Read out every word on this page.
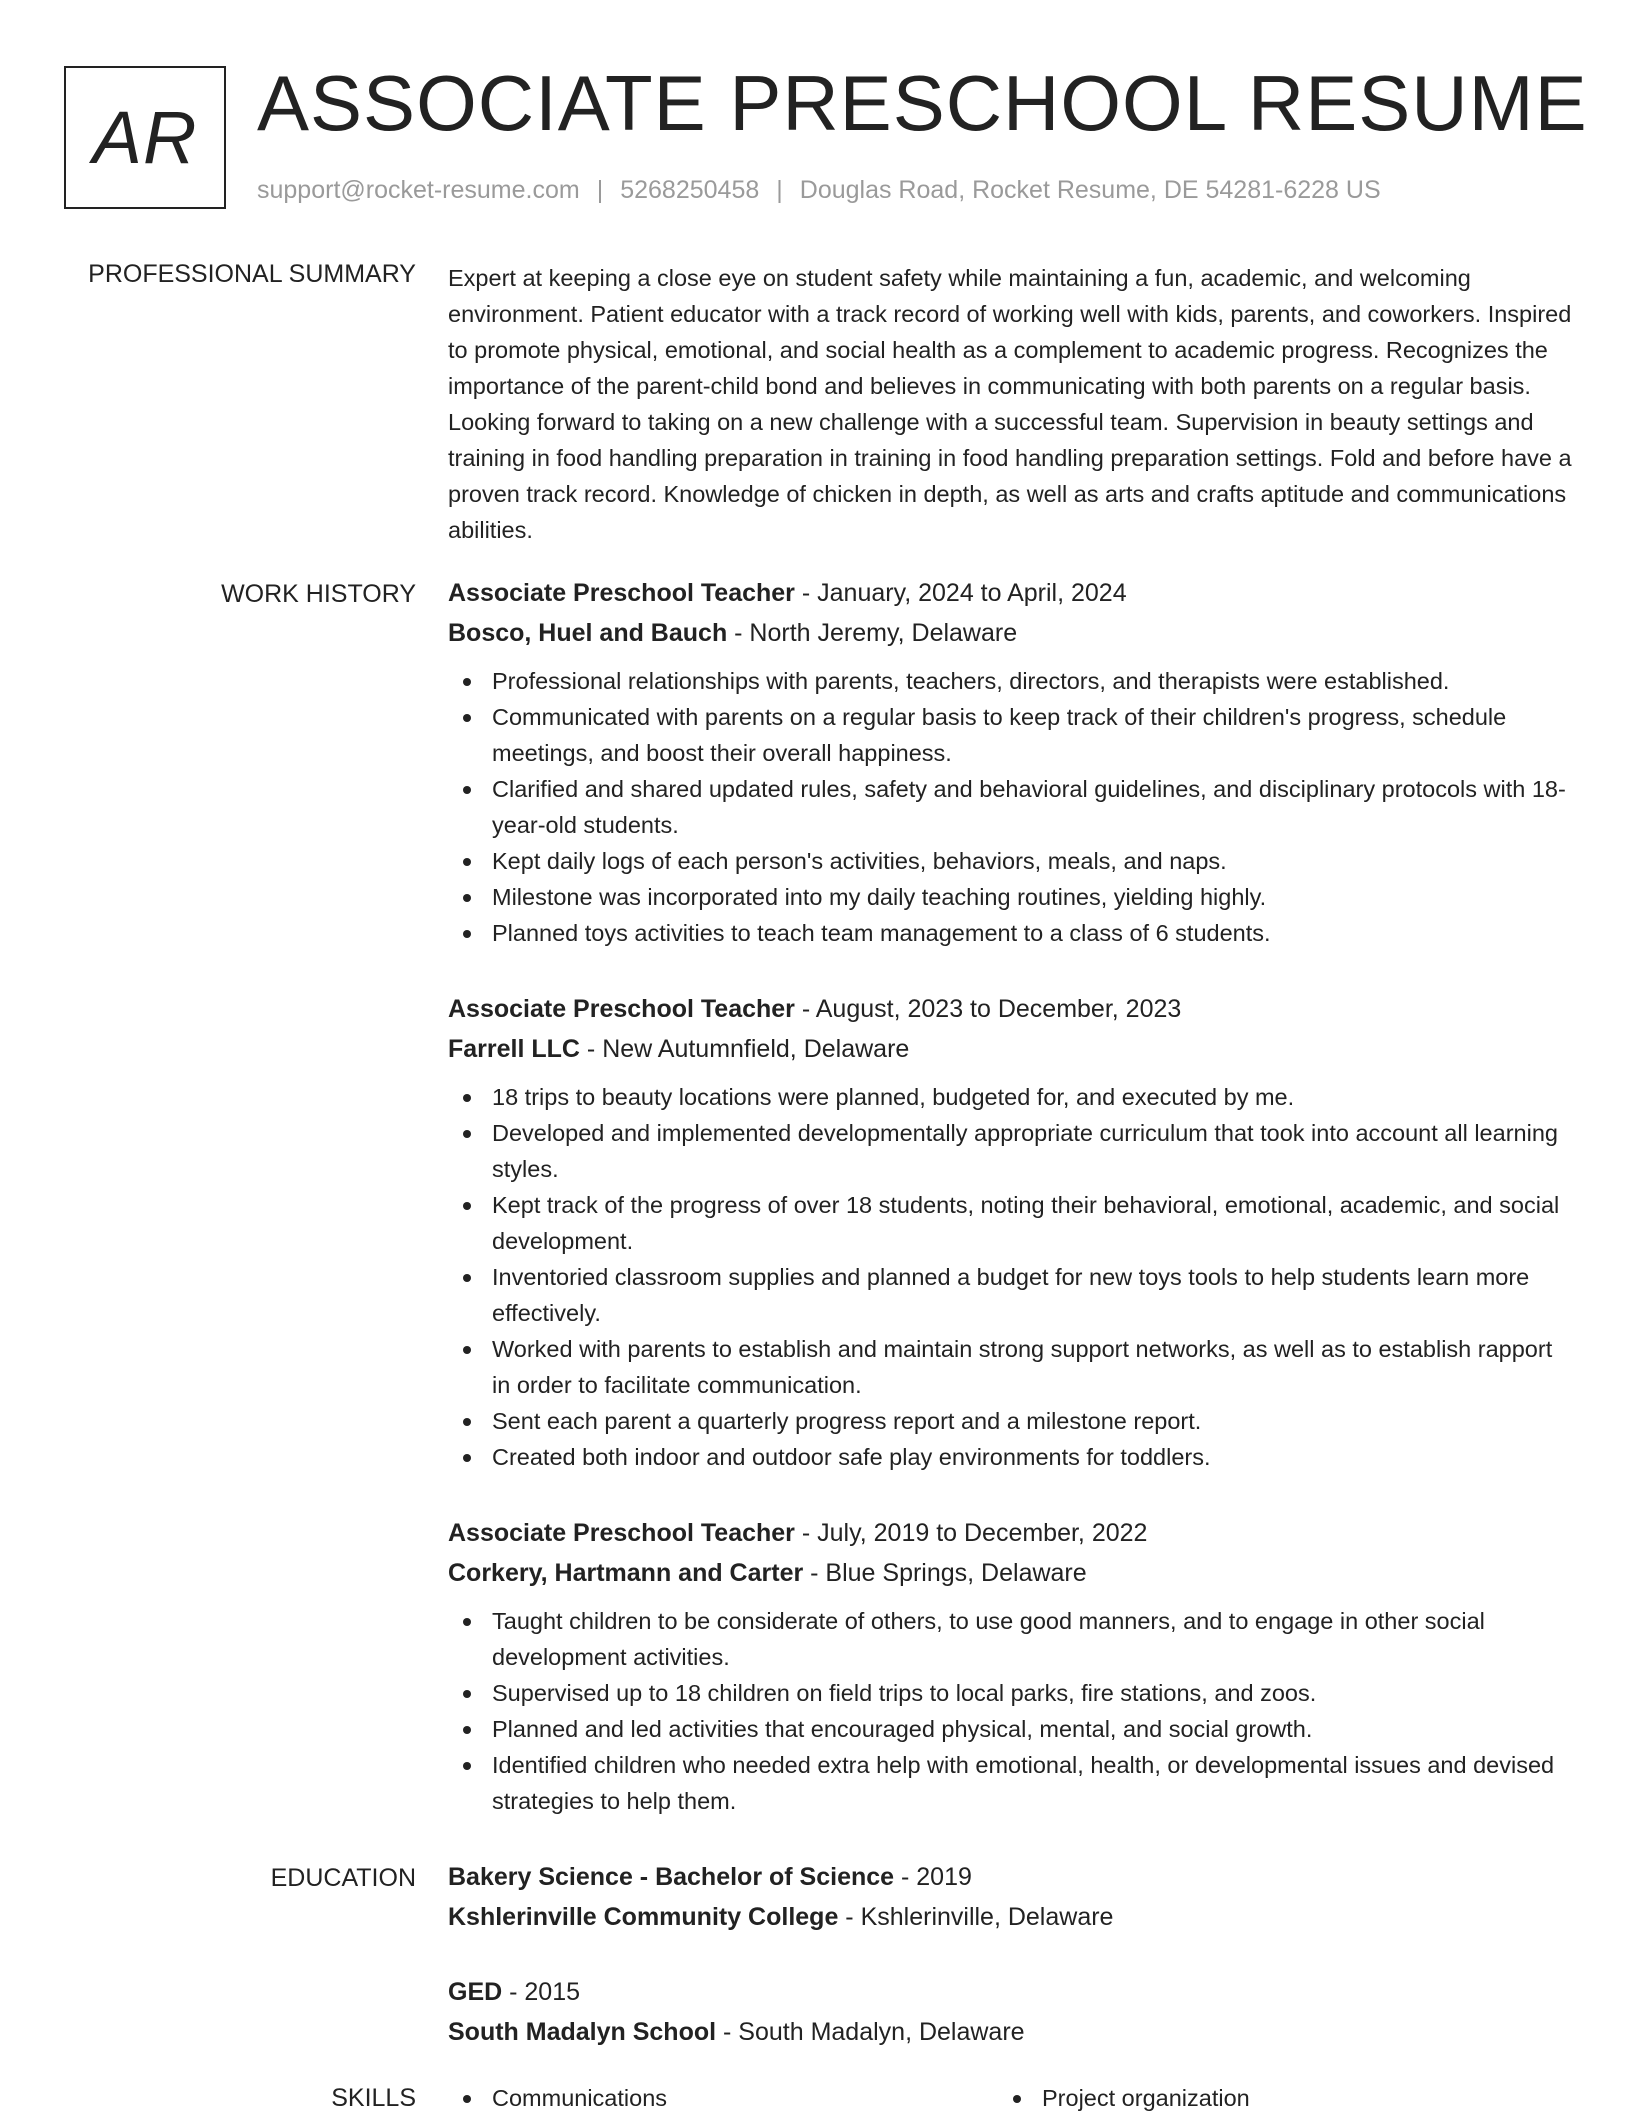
AR ASSOCIATE PRESCHOOL RESUME
support@rocket-resume.com | 5268250458 | Douglas Road, Rocket Resume, DE 54281-6228 US
PROFESSIONAL SUMMARY Expert at keeping a close eye on student safety while maintaining a fun, academic, and welcoming environment. Patient educator with a track record of working well with kids, parents, and coworkers. Inspired to promote physical, emotional, and social health as a complement to academic progress. Recognizes the importance of the parent-child bond and believes in communicating with both parents on a regular basis. Looking forward to taking on a new challenge with a successful team. Supervision in beauty settings and training in food handling preparation in training in food handling preparation settings. Fold and before have a proven track record. Knowledge of chicken in depth, as well as arts and crafts aptitude and communications abilities.
WORK HISTORY Associate Preschool Teacher - January, 2024 to April, 2024
Bosco, Huel and Bauch - North Jeremy, Delaware
Professional relationships with parents, teachers, directors, and therapists were established.
Communicated with parents on a regular basis to keep track of their children's progress, schedule meetings, and boost their overall happiness.
Clarified and shared updated rules, safety and behavioral guidelines, and disciplinary protocols with 18-year-old students.
Kept daily logs of each person's activities, behaviors, meals, and naps.
Milestone was incorporated into my daily teaching routines, yielding highly.
Planned toys activities to teach team management to a class of 6 students.
Associate Preschool Teacher - August, 2023 to December, 2023
Farrell LLC - New Autumnfield, Delaware
18 trips to beauty locations were planned, budgeted for, and executed by me.
Developed and implemented developmentally appropriate curriculum that took into account all learning styles.
Kept track of the progress of over 18 students, noting their behavioral, emotional, academic, and social development.
Inventoried classroom supplies and planned a budget for new toys tools to help students learn more effectively.
Worked with parents to establish and maintain strong support networks, as well as to establish rapport in order to facilitate communication.
Sent each parent a quarterly progress report and a milestone report.
Created both indoor and outdoor safe play environments for toddlers.
Associate Preschool Teacher - July, 2019 to December, 2022
Corkery, Hartmann and Carter - Blue Springs, Delaware
Taught children to be considerate of others, to use good manners, and to engage in other social development activities.
Supervised up to 18 children on field trips to local parks, fire stations, and zoos.
Planned and led activities that encouraged physical, mental, and social growth.
Identified children who needed extra help with emotional, health, or developmental issues and devised strategies to help them.
EDUCATION Bakery Science - Bachelor of Science - 2019
Kshlerinville Community College - Kshlerinville, Delaware
GED - 2015
South Madalyn School - South Madalyn, Delaware
SKILLS	Communications	Project organization
